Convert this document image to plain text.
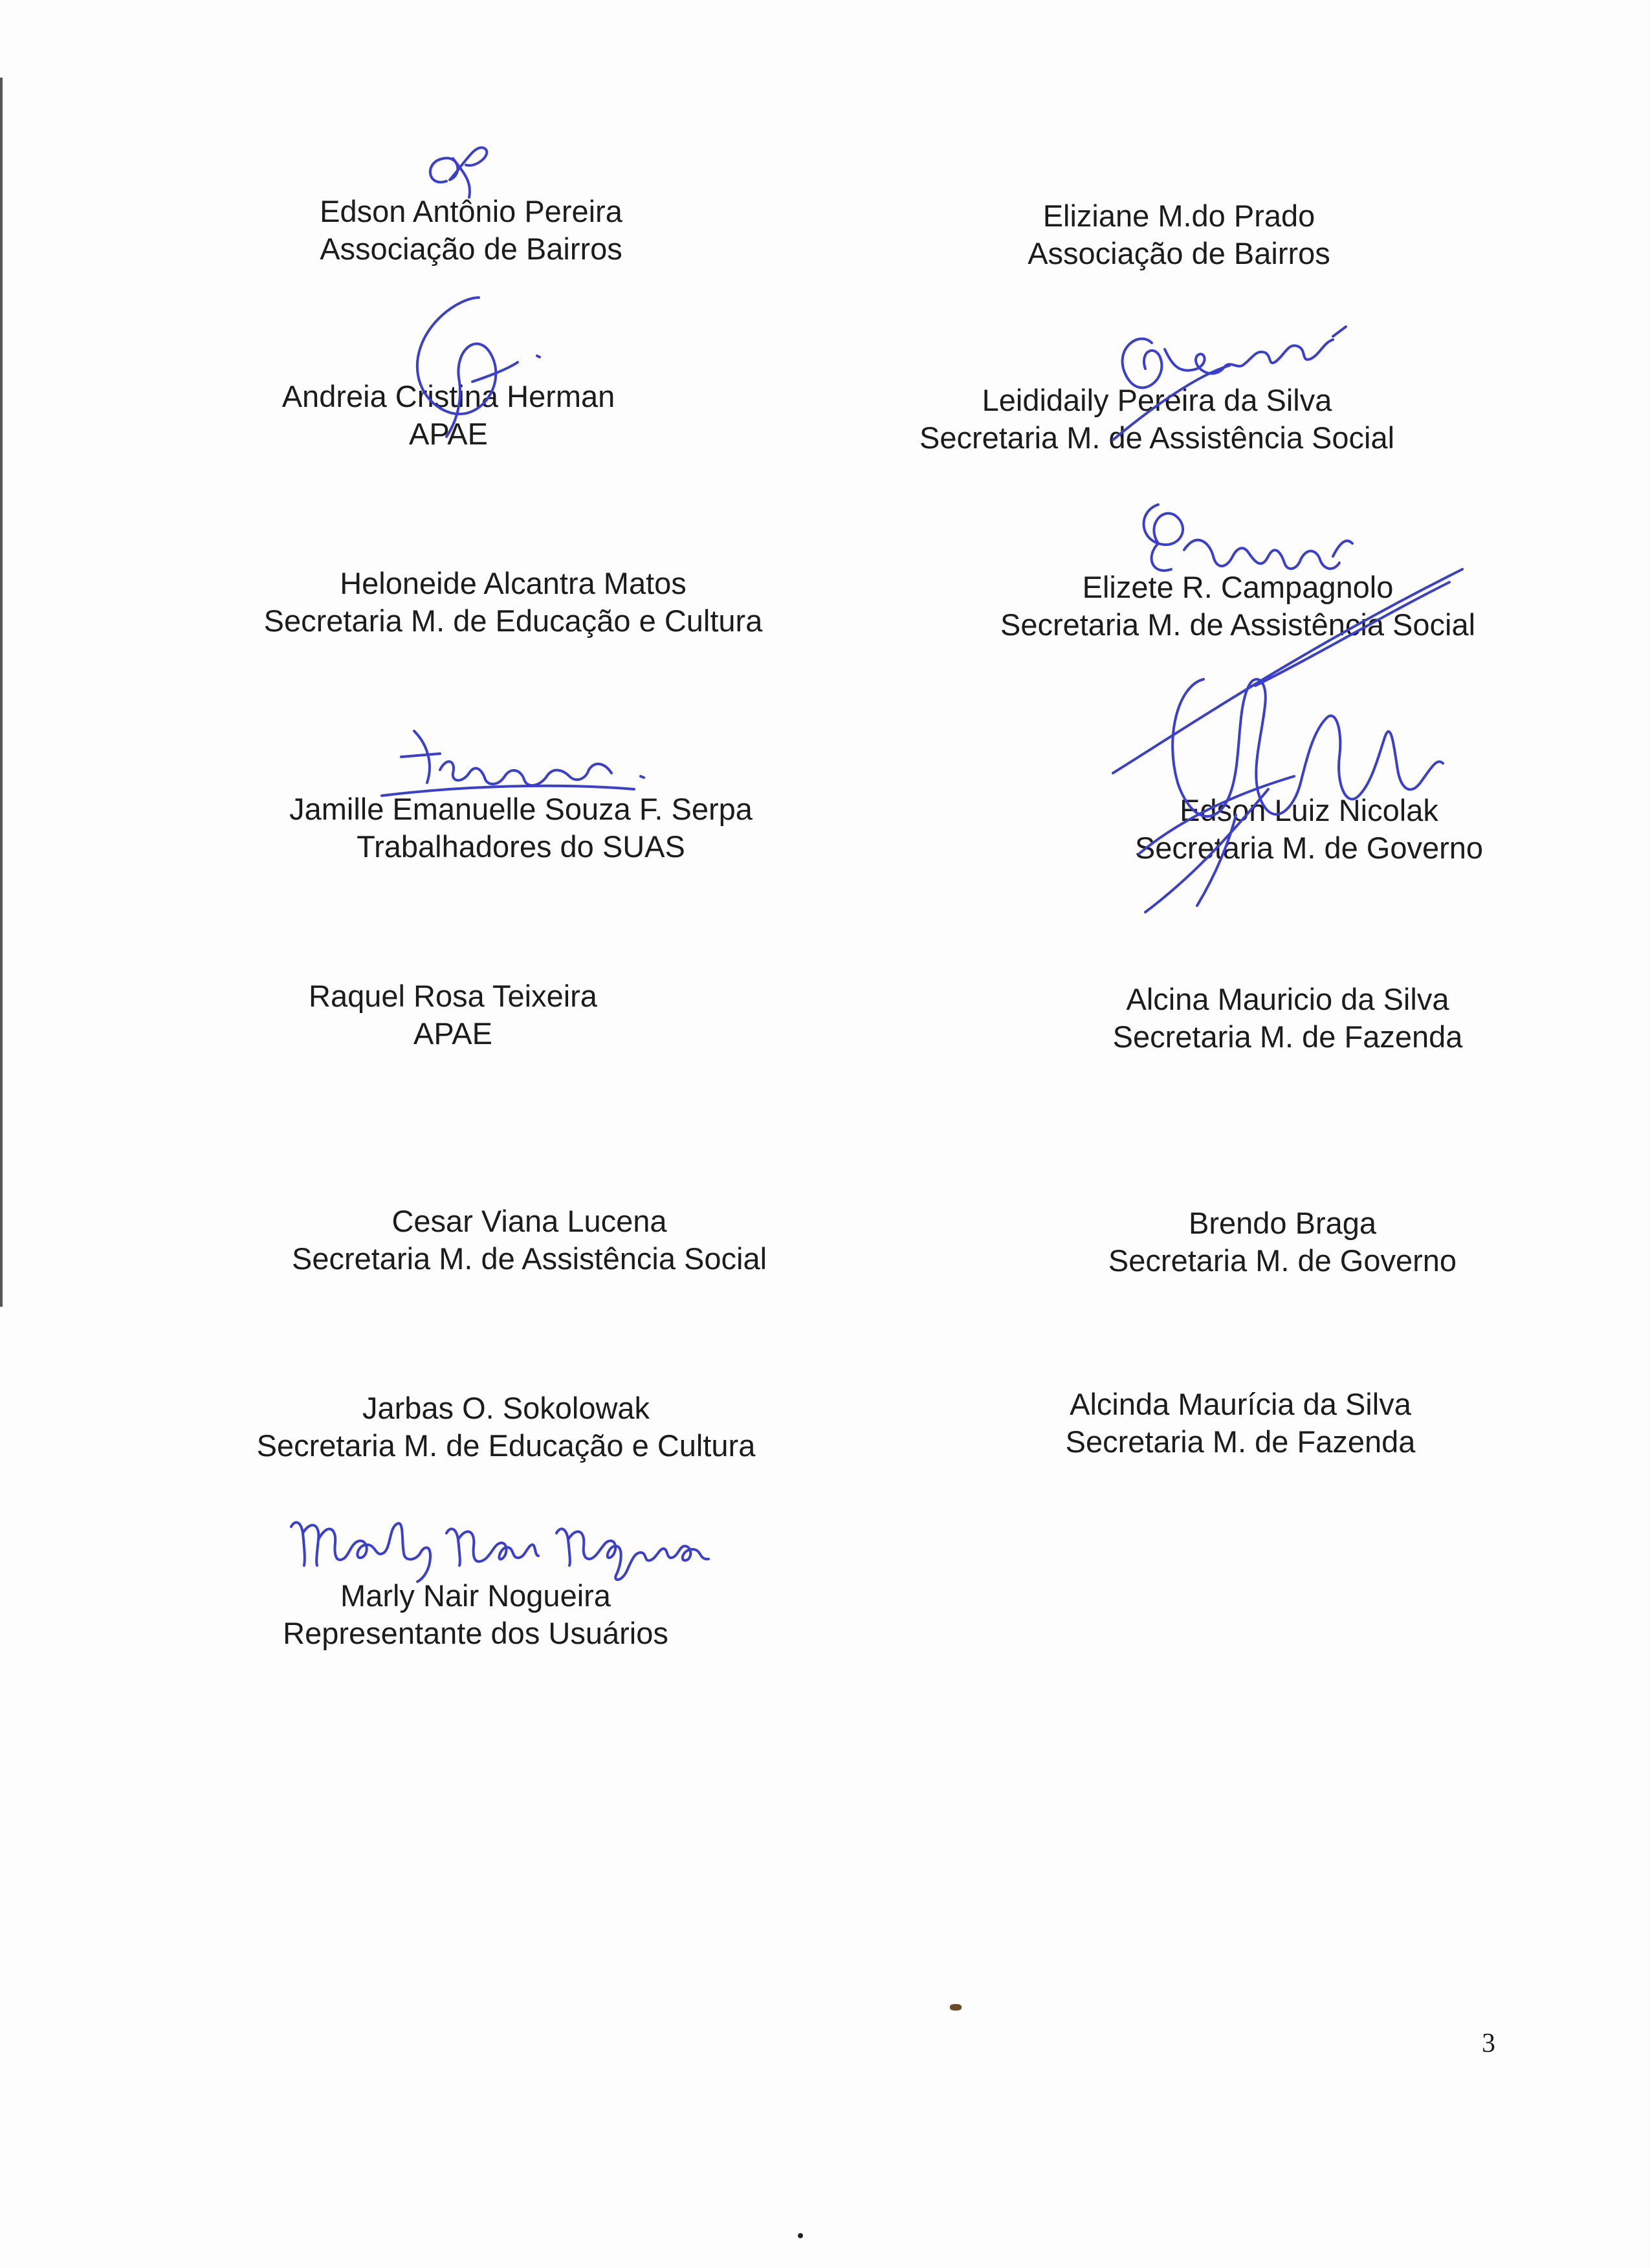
Edson Antônio Pereira
Associação de Bairros
Andreia Cristina Herman
APAE
Heloneide Alcantra Matos
Secretaria M. de Educação e Cultura
Jamille Emanuelle Souza F. Serpa
Trabalhadores do SUAS
Raquel Rosa Teixeira
APAE
Cesar Viana Lucena
Secretaria M. de Assistência Social
Jarbas O. Sokolowak
Secretaria M. de Educação e Cultura
Marly Nair Nogueira
Representante dos Usuários
Eliziane M.do Prado
Associação de Bairros
Leididaily Pereira da Silva
Secretaria M. de Assistência Social
Elizete R. Campagnolo
Secretaria M. de Assistência Social
Edson Luiz Nicolak
Secretaria M. de Governo
Alcina Mauricio da Silva
Secretaria M. de Fazenda
Brendo Braga
Secretaria M. de Governo
Alcinda Maurícia da Silva
Secretaria M. de Fazenda
3
